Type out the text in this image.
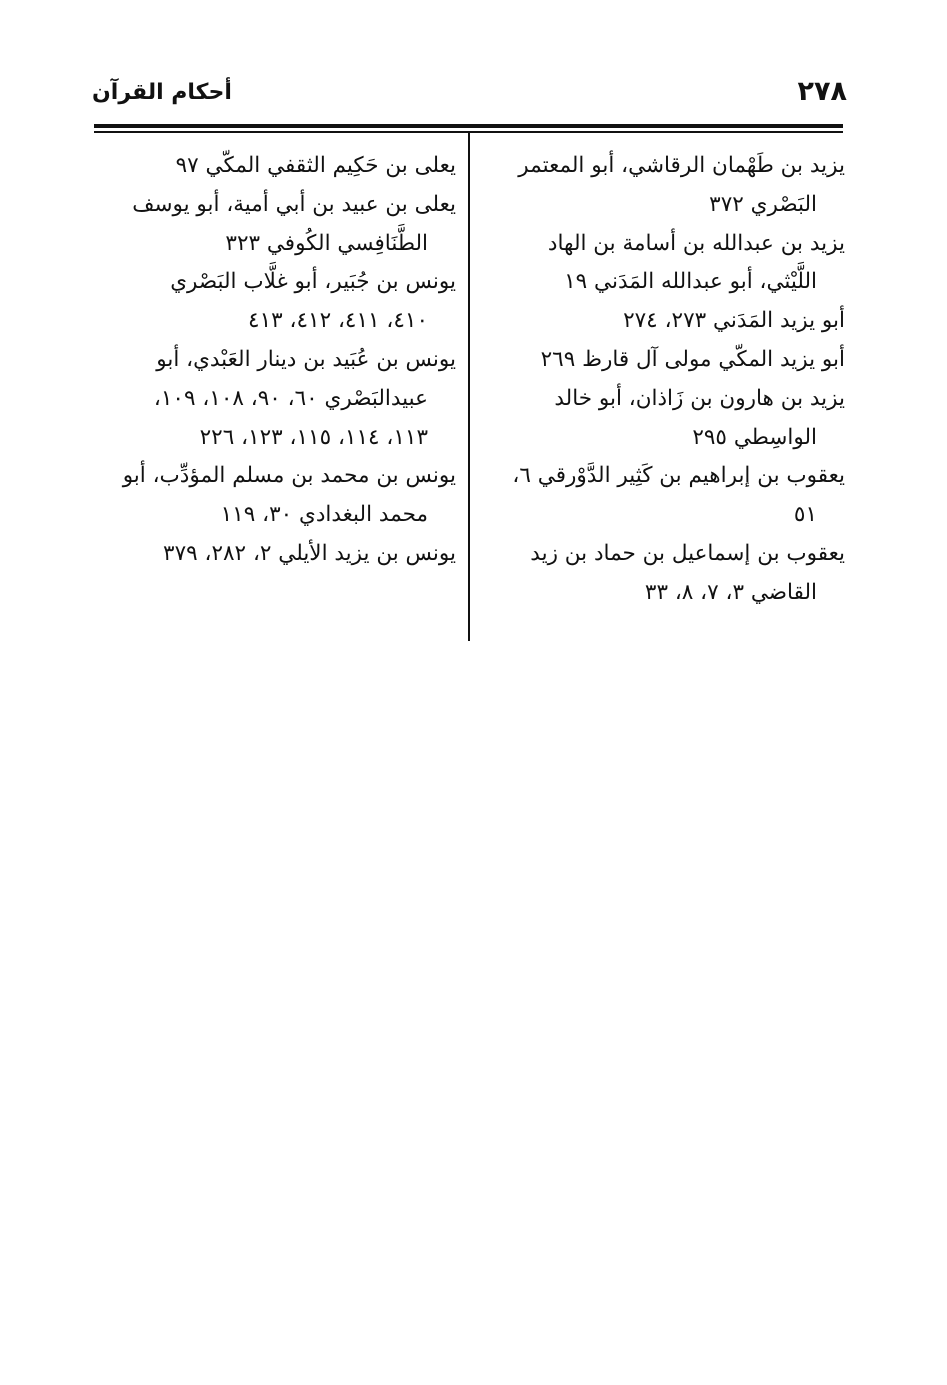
٢٧٨
أحكام القرآن
يزيد بن طَهْمان الرقاشي، أبو المعتمر
البَصْري ٣٧٢
يزيد بن عبدالله بن أسامة بن الهاد
اللَّيْثي، أبو عبدالله المَدَني ١٩
أبو يزيد المَدَني ٢٧٣، ٢٧٤
أبو يزيد المكّي مولى آل قارظ ٢٦٩
يزيد بن هارون بن زَاذان، أبو خالد
الواسِطي ٢٩٥
يعقوب بن إبراهيم بن كَثِير الدَّوْرقي ٦،
٥١
يعقوب بن إسماعيل بن حماد بن زيد
القاضي ٣، ٧، ٨، ٣٣
يعلى بن حَكِيم الثقفي المكّي ٩٧
يعلى بن عبيد بن أبي أمية، أبو يوسف
الطَّنَافِسي الكُوفي ٣٢٣
يونس بن جُبَير، أبو غلَّاب البَصْري
٤١٠، ٤١١، ٤١٢، ٤١٣
يونس بن عُبَيد بن دينار العَبْدي، أبو
عبيدالبَصْري ٦٠، ٩٠، ١٠٨، ١٠٩،
١١٣، ١١٤، ١١٥، ١٢٣، ٢٢٦
يونس بن محمد بن مسلم المؤدِّب، أبو
محمد البغدادي ٣٠، ١١٩
يونس بن يزيد الأيلي ٢، ٢٨٢، ٣٧٩
